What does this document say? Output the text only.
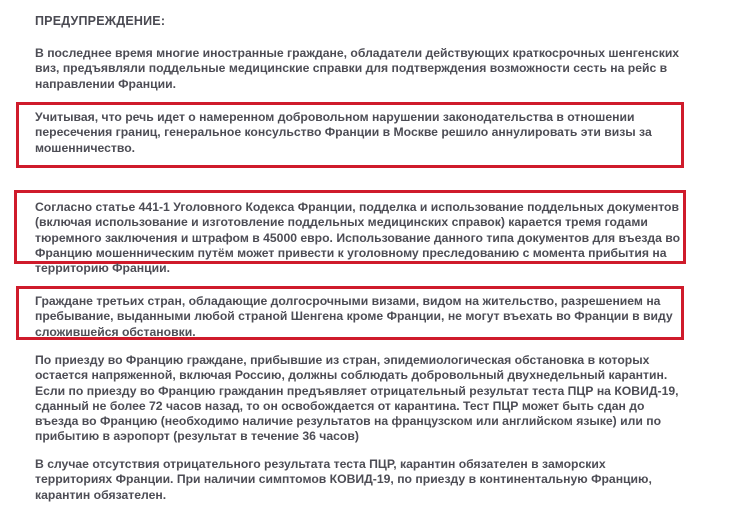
ПРЕДУПРЕЖДЕНИЕ:
В последнее время многие иностранные граждане, обладатели действующих краткосрочных шенгенских
виз, предъявляли поддельные медицинские справки для подтверждения возможности сесть на рейс в
направлении Франции.
Учитывая, что речь идет о намеренном добровольном нарушении законодательства в отношении
пересечения границ, генеральное консульство Франции в Москве решило аннулировать эти визы за
мошенничество.
Согласно статье 441-1 Уголовного Кодекса Франции, подделка и использование поддельных документов
(включая использование и изготовление поддельных медицинских справок) карается тремя годами
тюремного заключения и штрафом в 45000 евро. Использование данного типа документов для въезда во
Францию мошенническим путём может привести к уголовному преследованию с момента прибытия на
территорию Франции.
Граждане третьих стран, обладающие долгосрочными визами, видом на жительство, разрешением на
пребывание, выданными любой страной Шенгена кроме Франции, не могут въехать во Франции в виду
сложившейся обстановки.
По приезду во Францию граждане, прибывшие из стран, эпидемиологическая обстановка в которых
остается напряженной, включая Россию, должны соблюдать добровольный двухнедельный карантин.
Если по приезду во Францию гражданин предъявляет отрицательный результат теста ПЦР на КОВИД-19,
сданный не более 72 часов назад, то он освобождается от карантина. Тест ПЦР может быть сдан до
въезда во Францию (необходимо наличие результатов на французском или английском языке) или по
прибытию в аэропорт (результат в течение 36 часов)
В случае отсутствия отрицательного результата теста ПЦР, карантин обязателен в заморских
территориях Франции. При наличии симптомов КОВИД-19, по приезду в континентальную Францию,
карантин обязателен.
